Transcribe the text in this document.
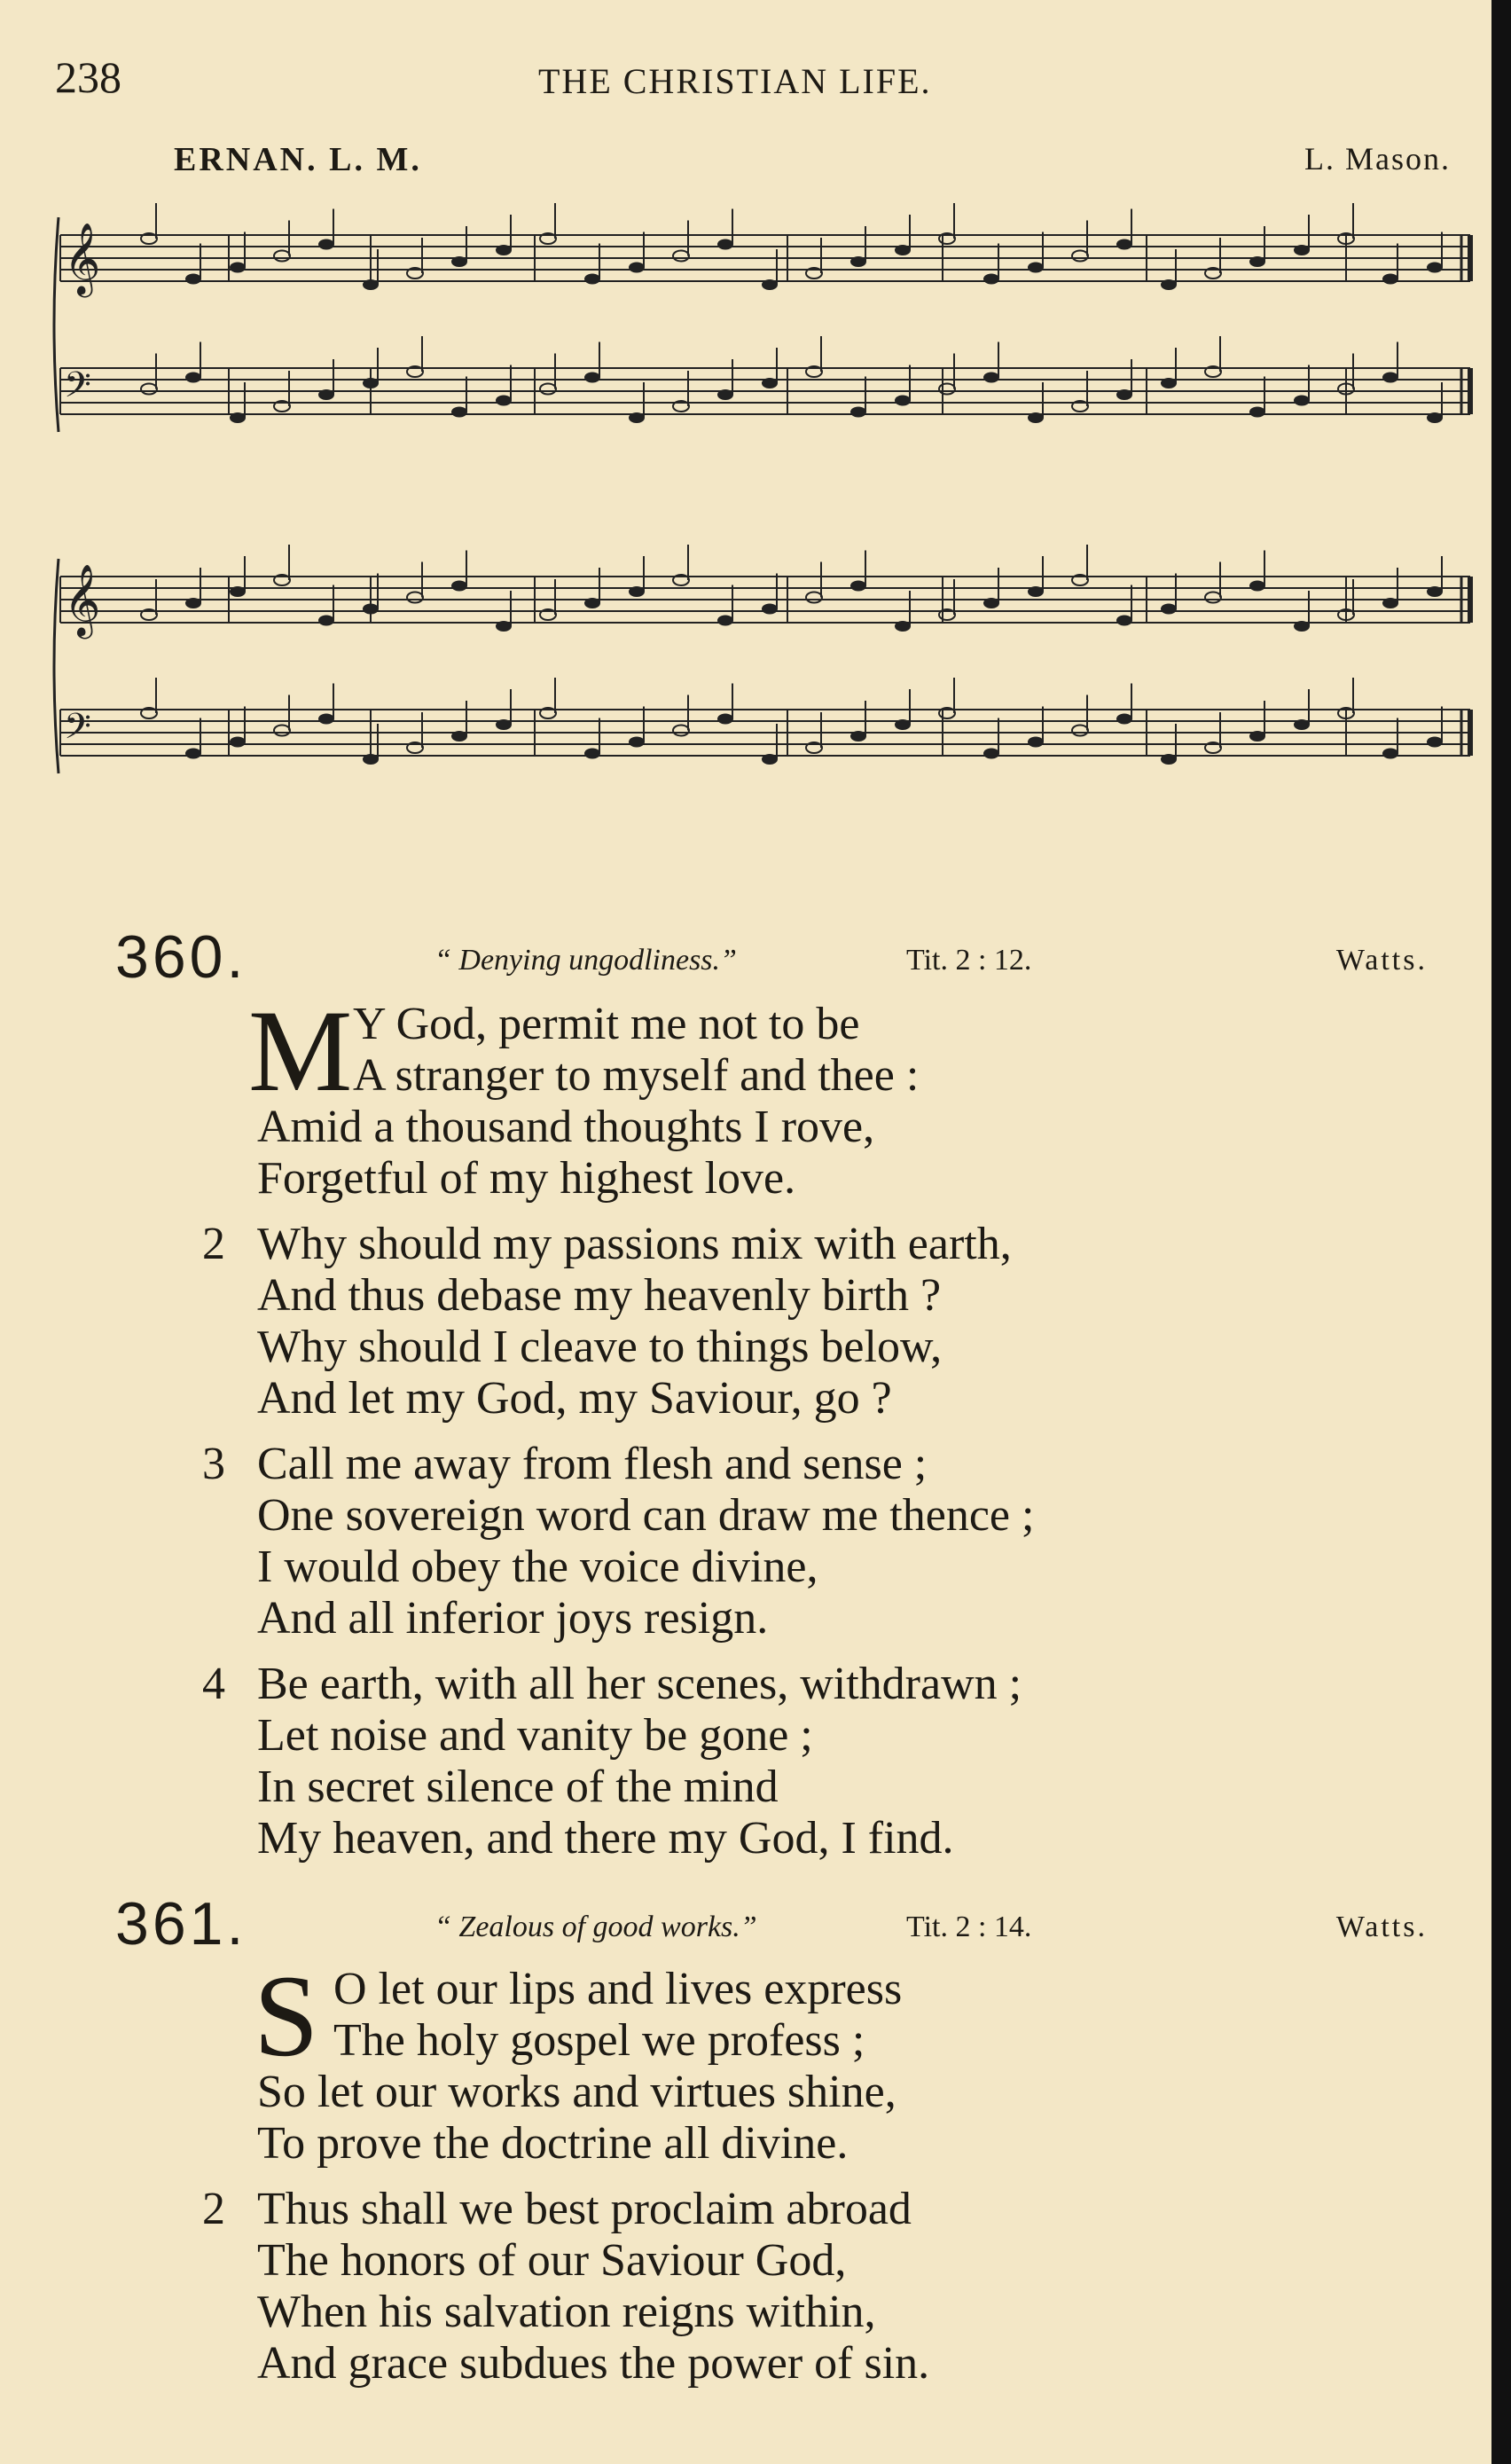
238	THE CHRISTIAN LIFE.
ERNAN. L. M.	L. Mason.
𝄞
𝄢
𝄞
𝄢
360.	“ Denying ungodliness.”	Tit. 2 : 12.	Watts.
M Y God, permit me not to be
A stranger to myself and thee :
Amid a thousand thoughts I rove,
Forgetful of my highest love.
2 Why should my passions mix with earth,
And thus debase my heavenly birth ?
Why should I cleave to things below,
And let my God, my Saviour, go ?
3 Call me away from flesh and sense ;
One sovereign word can draw me thence ;
I would obey the voice divine,
And all inferior joys resign.
4 Be earth, with all her scenes, withdrawn ;
Let noise and vanity be gone ;
In secret silence of the mind
My heaven, and there my God, I find.
361.	“ Zealous of good works.”	Tit. 2 : 14.	Watts.
S O let our lips and lives express
The holy gospel we profess ;
So let our works and virtues shine,
To prove the doctrine all divine.
2 Thus shall we best proclaim abroad
The honors of our Saviour God,
When his salvation reigns within,
And grace subdues the power of sin.
